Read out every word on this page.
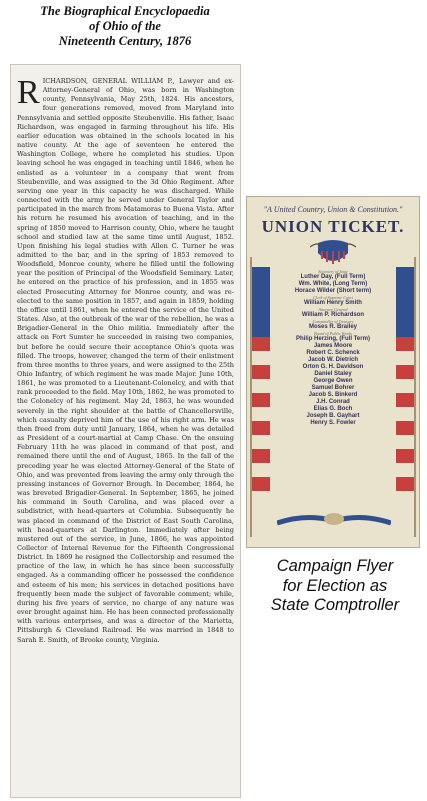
The Biographical Encyclopaedia
of Ohio of the
Nineteenth Century, 1876
R ICHARDSON, GENERAL WILLIAM P., Lawyer and ex-Attorney-General of Ohio, was born in Washington county, Pennsylvania, May 25th, 1824. His ancestors, four generations removed, moved from Maryland into Pennsylvania and settled opposite Steubenville. His father, Isaac Richardson, was engaged in farming throughout his life. His earlier education was obtained in the schools located in his native county. At the age of seventeen he entered the Washington College, where he completed his studies. Upon leaving school he was engaged in teaching until 1846, when he enlisted as a volunteer in a company that went from Steubenville, and was assigned to the 3d Ohio Regiment. After serving one year in this capacity he was discharged. While connected with the army he served under General Taylor and participated in the march from Matamoras to Buena Vista. After his return he resumed his avocation of teaching, and in the spring of 1850 moved to Harrison county, Ohio, where he taught school and studied law at the same time until August, 1852. Upon finishing his legal studies with Allen C. Turner he was admitted to the bar, and in the spring of 1853 removed to Woodsfield, Monroe county, where he filled until the following year the position of Principal of the Woodsfield Seminary. Later, he entered on the practice of his profession, and in 1855 was elected Prosecuting Attorney for Monroe county, and was re-elected to the same position in 1857, and again in 1859, holding the office until 1861, when he entered the service of the United States. Also, at the outbreak of the war of the rebellion, he was a Brigadier-General in the Ohio militia. Immediately after the attack on Fort Sumter he succeeded in raising two companies, but before he could secure their acceptance Ohio's quota was filled. The troops, however, changed the term of their enlistment from three months to three years, and were assigned to the 25th Ohio Infantry, of which regiment he was made Major. June 10th, 1861, he was promoted to a Lieutenant-Colonelcy, and with that rank proceeded to the field. May 10th, 1862, he was promoted to the Colonelcy of his regiment. May 2d, 1863, he was wounded severely in the right shoulder at the battle of Chancellorsville, which casualty deprived him of the use of his right arm. He was then freed from duty until January, 1864, when he was detailed as President of a court-martial at Camp Chase. On the ensuing February 11th he was placed in command of that post, and remained there until the end of August, 1865. In the fall of the preceding year he was elected Attorney-General of the State of Ohio, and was prevented from leaving the army only through the pressing instances of Governor Brough. In December, 1864, he was breveted Brigadier-General. In September, 1865, he joined his command in South Carolina, and was placed over a subdistrict, with head-quarters at Columbia. Subsequently he was placed in command of the District of East South Carolina, with head-quarters at Darlington. Immediately after being mustered out of the service, in June, 1866, he was appointed Collector of Internal Revenue for the Fifteenth Congressional District. In 1869 he resigned the Collectorship and resumed the practice of the law, in which he has since been successfully engaged. As a commanding officer he possessed the confidence and esteem of his men; his services in detached positions have frequently been made the subject of favorable comment; while, during his five years of service, no charge of any nature was ever brought against him. He has been connected professionally with various enterprises, and was a director of the Marietta, Pittsburgh & Cleveland Railroad. He was married in 1848 to Sarah E. Smith, of Brooke county, Virginia.
"A United Country, Union & Constitution."
UNION TICKET.
Secretary of State
Luther Day, (Full Term)
Wm. White, (Long Term)
Horace Wilder (Short term)
Clerk of Supreme Court
William Henry Smith
Attorney General
William P. Richardson
Comptroller of Treasury
Moses R. Brailey
Board of Public Works
Philip Herzing, (Full Term)
James Moore
Robert C. Schenck
Jacob W. Dietrich
Orton G. H. Davidson
Daniel Staley
George Owen
Samuel Bohrer
Jacob S. Binkerd
J.H. Conrad
Elias G. Boch
Joseph B. Gayhart
Henry S. Fowler
Campaign Flyer
for Election as
State Comptroller
